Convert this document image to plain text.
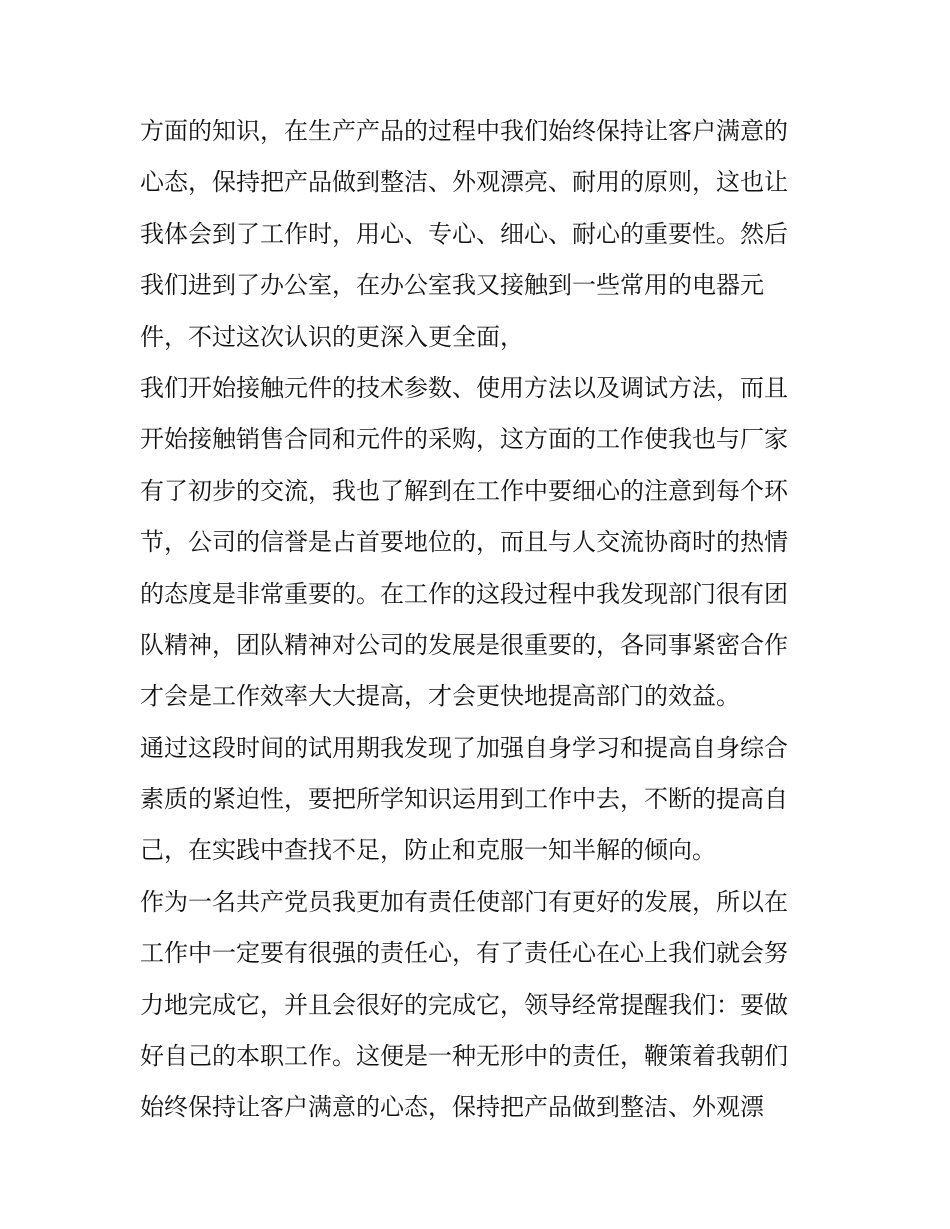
方面的知识，在生产产品的过程中我们始终保持让客户满意的
心态，保持把产品做到整洁、外观漂亮、耐用的原则，这也让
我体会到了工作时，用心、专心、细心、耐心的重要性。然后
我们进到了办公室，在办公室我又接触到一些常用的电器元
件，不过这次认识的更深入更全面，
我们开始接触元件的技术参数、使用方法以及调试方法，而且
开始接触销售合同和元件的采购，这方面的工作使我也与厂家
有了初步的交流，我也了解到在工作中要细心的注意到每个环
节，公司的信誉是占首要地位的，而且与人交流协商时的热情
的态度是非常重要的。在工作的这段过程中我发现部门很有团
队精神，团队精神对公司的发展是很重要的，各同事紧密合作
才会是工作效率大大提高，才会更快地提高部门的效益。
通过这段时间的试用期我发现了加强自身学习和提高自身综合
素质的紧迫性，要把所学知识运用到工作中去，不断的提高自
己，在实践中查找不足，防止和克服一知半解的倾向。
作为一名共产党员我更加有责任使部门有更好的发展，所以在
工作中一定要有很强的责任心，有了责任心在心上我们就会努
力地完成它，并且会很好的完成它，领导经常提醒我们：要做
好自己的本职工作。这便是一种无形中的责任，鞭策着我朝们
始终保持让客户满意的心态，保持把产品做到整洁、外观漂
